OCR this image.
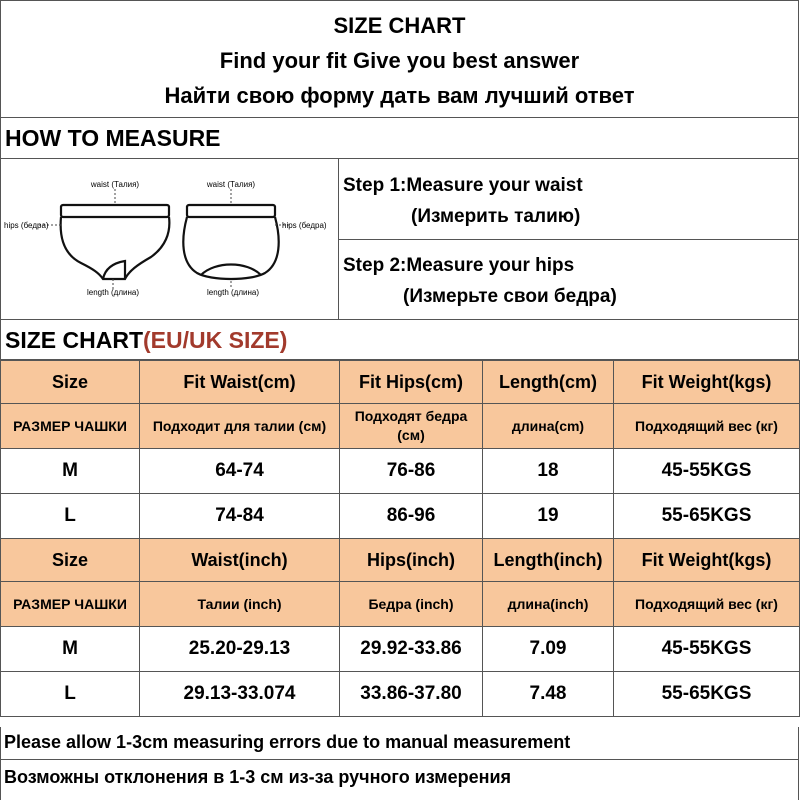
SIZE CHART
Find your fit Give you best answer
Найти свою форму дать вам лучший ответ
HOW TO MEASURE
waist (Талия)	waist (Талия)
hips (бедра)	hips (бедра)
length (длина)	length (длина)
Step 1:Measure your waist
(Измерить талию)
Step 2:Measure your hips
(Измерьте свои бедра)
SIZE CHART(EU/UK SIZE)
Size	Fit Waist(cm)	Fit Hips(cm)	Length(cm)	Fit Weight(kgs)
РАЗМЕР ЧАШКИ	Подходит для талии (см)	Подходят бедра (см)	длина(cm)	Подходящий вес (кг)
M	64-74	76-86	18	45-55KGS
L	74-84	86-96	19	55-65KGS
Size	Waist(inch)	Hips(inch)	Length(inch)	Fit Weight(kgs)
РАЗМЕР ЧАШКИ	Талии (inch)	Бедра (inch)	длина(inch)	Подходящий вес (кг)
M	25.20-29.13	29.92-33.86	7.09	45-55KGS
L	29.13-33.074	33.86-37.80	7.48	55-65KGS
Please allow 1-3cm measuring errors due to manual measurement
Возможны отклонения в 1-3 см из-за ручного измерения
